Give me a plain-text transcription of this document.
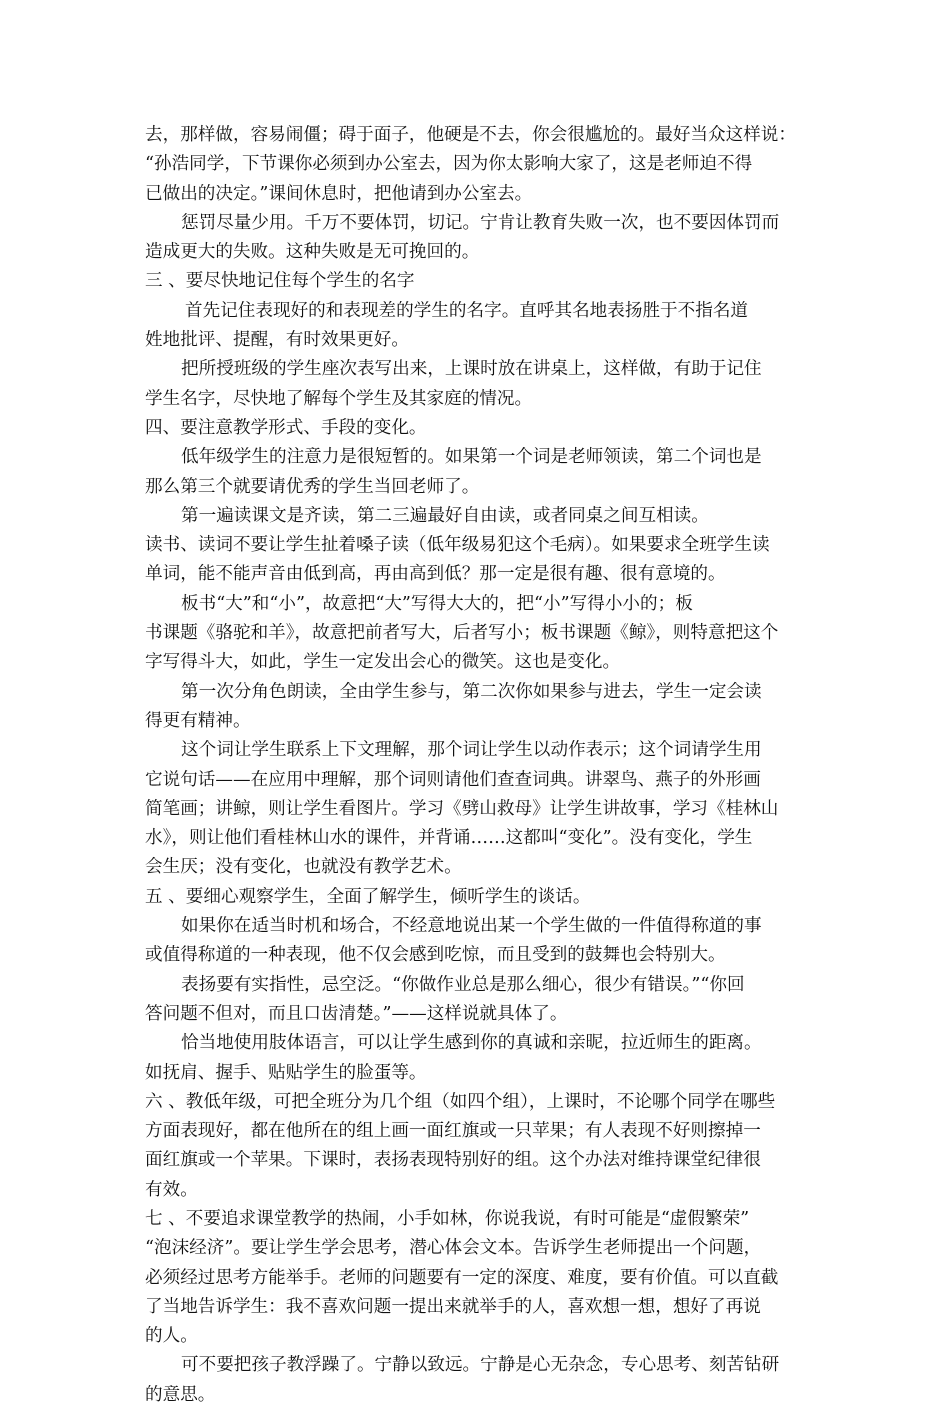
去，那样做，容易闹僵；碍于面子，他硬是不去，你会很尴尬的。最好当众这样说：
“孙浩同学，下节课你必须到办公室去，因为你太影响大家了，这是老师迫不得
已做出的决定。”课间休息时，把他请到办公室去。
惩罚尽量少用。千万不要体罚，切记。宁肯让教育失败一次，也不要因体罚而
造成更大的失败。这种失败是无可挽回的。
三 、要尽快地记住每个学生的名字
首先记住表现好的和表现差的学生的名字。直呼其名地表扬胜于不指名道
姓地批评、提醒，有时效果更好。
把所授班级的学生座次表写出来，上课时放在讲桌上，这样做，有助于记住
学生名字，尽快地了解每个学生及其家庭的情况。
四、要注意教学形式、手段的变化。
低年级学生的注意力是很短暂的。如果第一个词是老师领读，第二个词也是
那么第三个就要请优秀的学生当回老师了。
第一遍读课文是齐读，第二三遍最好自由读，或者同桌之间互相读。
读书、读词不要让学生扯着嗓子读（低年级易犯这个毛病）。如果要求全班学生读
单词，能不能声音由低到高，再由高到低？那一定是很有趣、很有意境的。
板书“大”和“小”，故意把“大”写得大大的，把“小”写得小小的；板
书课题《骆驼和羊》，故意把前者写大，后者写小；板书课题《鲸》，则特意把这个
字写得斗大，如此，学生一定发出会心的微笑。这也是变化。
第一次分角色朗读，全由学生参与，第二次你如果参与进去，学生一定会读
得更有精神。
这个词让学生联系上下文理解，那个词让学生以动作表示；这个词请学生用
它说句话——在应用中理解，那个词则请他们查查词典。讲翠鸟、燕子的外形画
简笔画；讲鲸，则让学生看图片。学习《劈山救母》让学生讲故事，学习《桂林山
水》，则让他们看桂林山水的课件，并背诵……这都叫“变化”。没有变化，学生
会生厌；没有变化，也就没有教学艺术。
五 、要细心观察学生，全面了解学生，倾听学生的谈话。
如果你在适当时机和场合，不经意地说出某一个学生做的一件值得称道的事
或值得称道的一种表现，他不仅会感到吃惊，而且受到的鼓舞也会特别大。
表扬要有实指性，忌空泛。“你做作业总是那么细心，很少有错误。”“你回
答问题不但对，而且口齿清楚。”——这样说就具体了。
恰当地使用肢体语言，可以让学生感到你的真诚和亲昵，拉近师生的距离。
如抚肩、握手、贴贴学生的脸蛋等。
六 、教低年级，可把全班分为几个组（如四个组），上课时，不论哪个同学在哪些
方面表现好，都在他所在的组上画一面红旗或一只苹果；有人表现不好则擦掉一
面红旗或一个苹果。下课时，表扬表现特别好的组。这个办法对维持课堂纪律很
有效。
七 、不要追求课堂教学的热闹，小手如林，你说我说，有时可能是“虚假繁荣”
“泡沫经济”。要让学生学会思考，潜心体会文本。告诉学生老师提出一个问题，
必须经过思考方能举手。老师的问题要有一定的深度、难度，要有价值。可以直截
了当地告诉学生：我不喜欢问题一提出来就举手的人，喜欢想一想，想好了再说
的人。
可不要把孩子教浮躁了。宁静以致远。宁静是心无杂念，专心思考、刻苦钻研
的意思。
